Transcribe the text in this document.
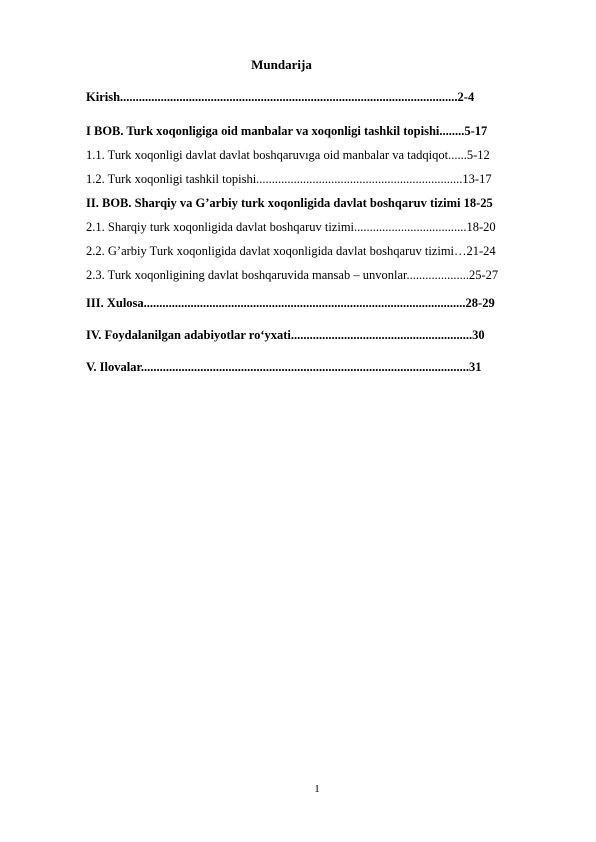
Mundarija

Kirish............................................................................................................2-4

I BOB. Turk xoqonligiga oid manbalar va xoqonligi tashkil topishi........5-17

1.1. Turk xoqonligi davlat davlat boshqaruvıga oid manbalar va tadqiqot......5-12

1.2. Turk xoqonligi tashkil topishi..................................................................13-17

II. BOB. Sharqiy va G’arbiy turk xoqonligida davlat boshqaruv tizimi 18-25

2.1. Sharqiy turk xoqonligida davlat boshqaruv tizimi....................................18-20

2.2. G’arbiy Turk xoqonligida davlat xoqonligida davlat boshqaruv tizimi…21-24

2.3. Turk xoqonligining davlat boshqaruvida mansab – unvonlar....................25-27

III. Xulosa.......................................................................................................28-29

IV. Foydalanilgan adabiyotlar ro‘yxati..........................................................30

V. Ilovalar.........................................................................................................31

1
